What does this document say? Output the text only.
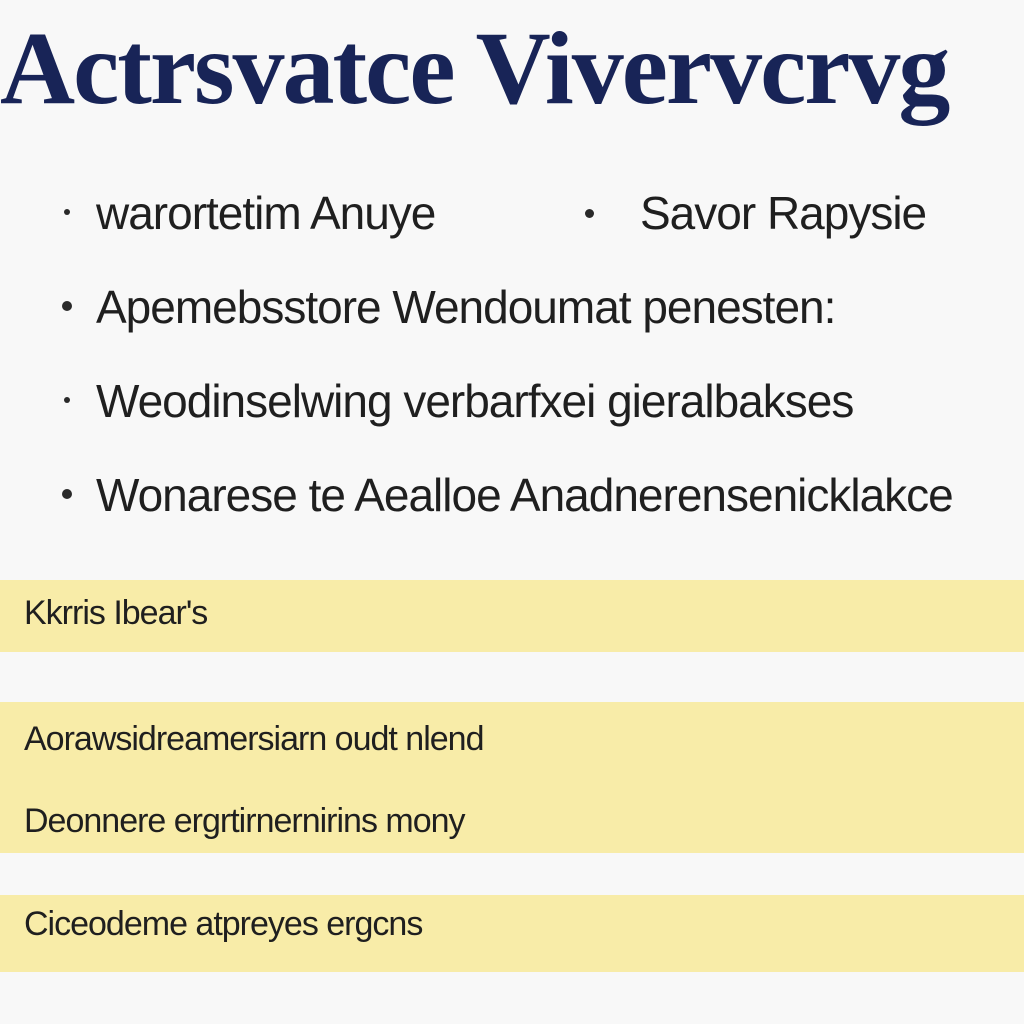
Actrsvatce Vivervcrvg
warortetim Anuye	Savor Rapysie
Apemebsstore Wendoumat penesten:
Weodinselwing verbarfxei gieralbakses
Wonarese te Aealloe Anadnerensenicklakce
Kkrris Ibear's
Aorawsidreamersiarn oudt nlend
Deonnere ergrtirnernirins mony
Ciceodeme atpreyes ergcns
